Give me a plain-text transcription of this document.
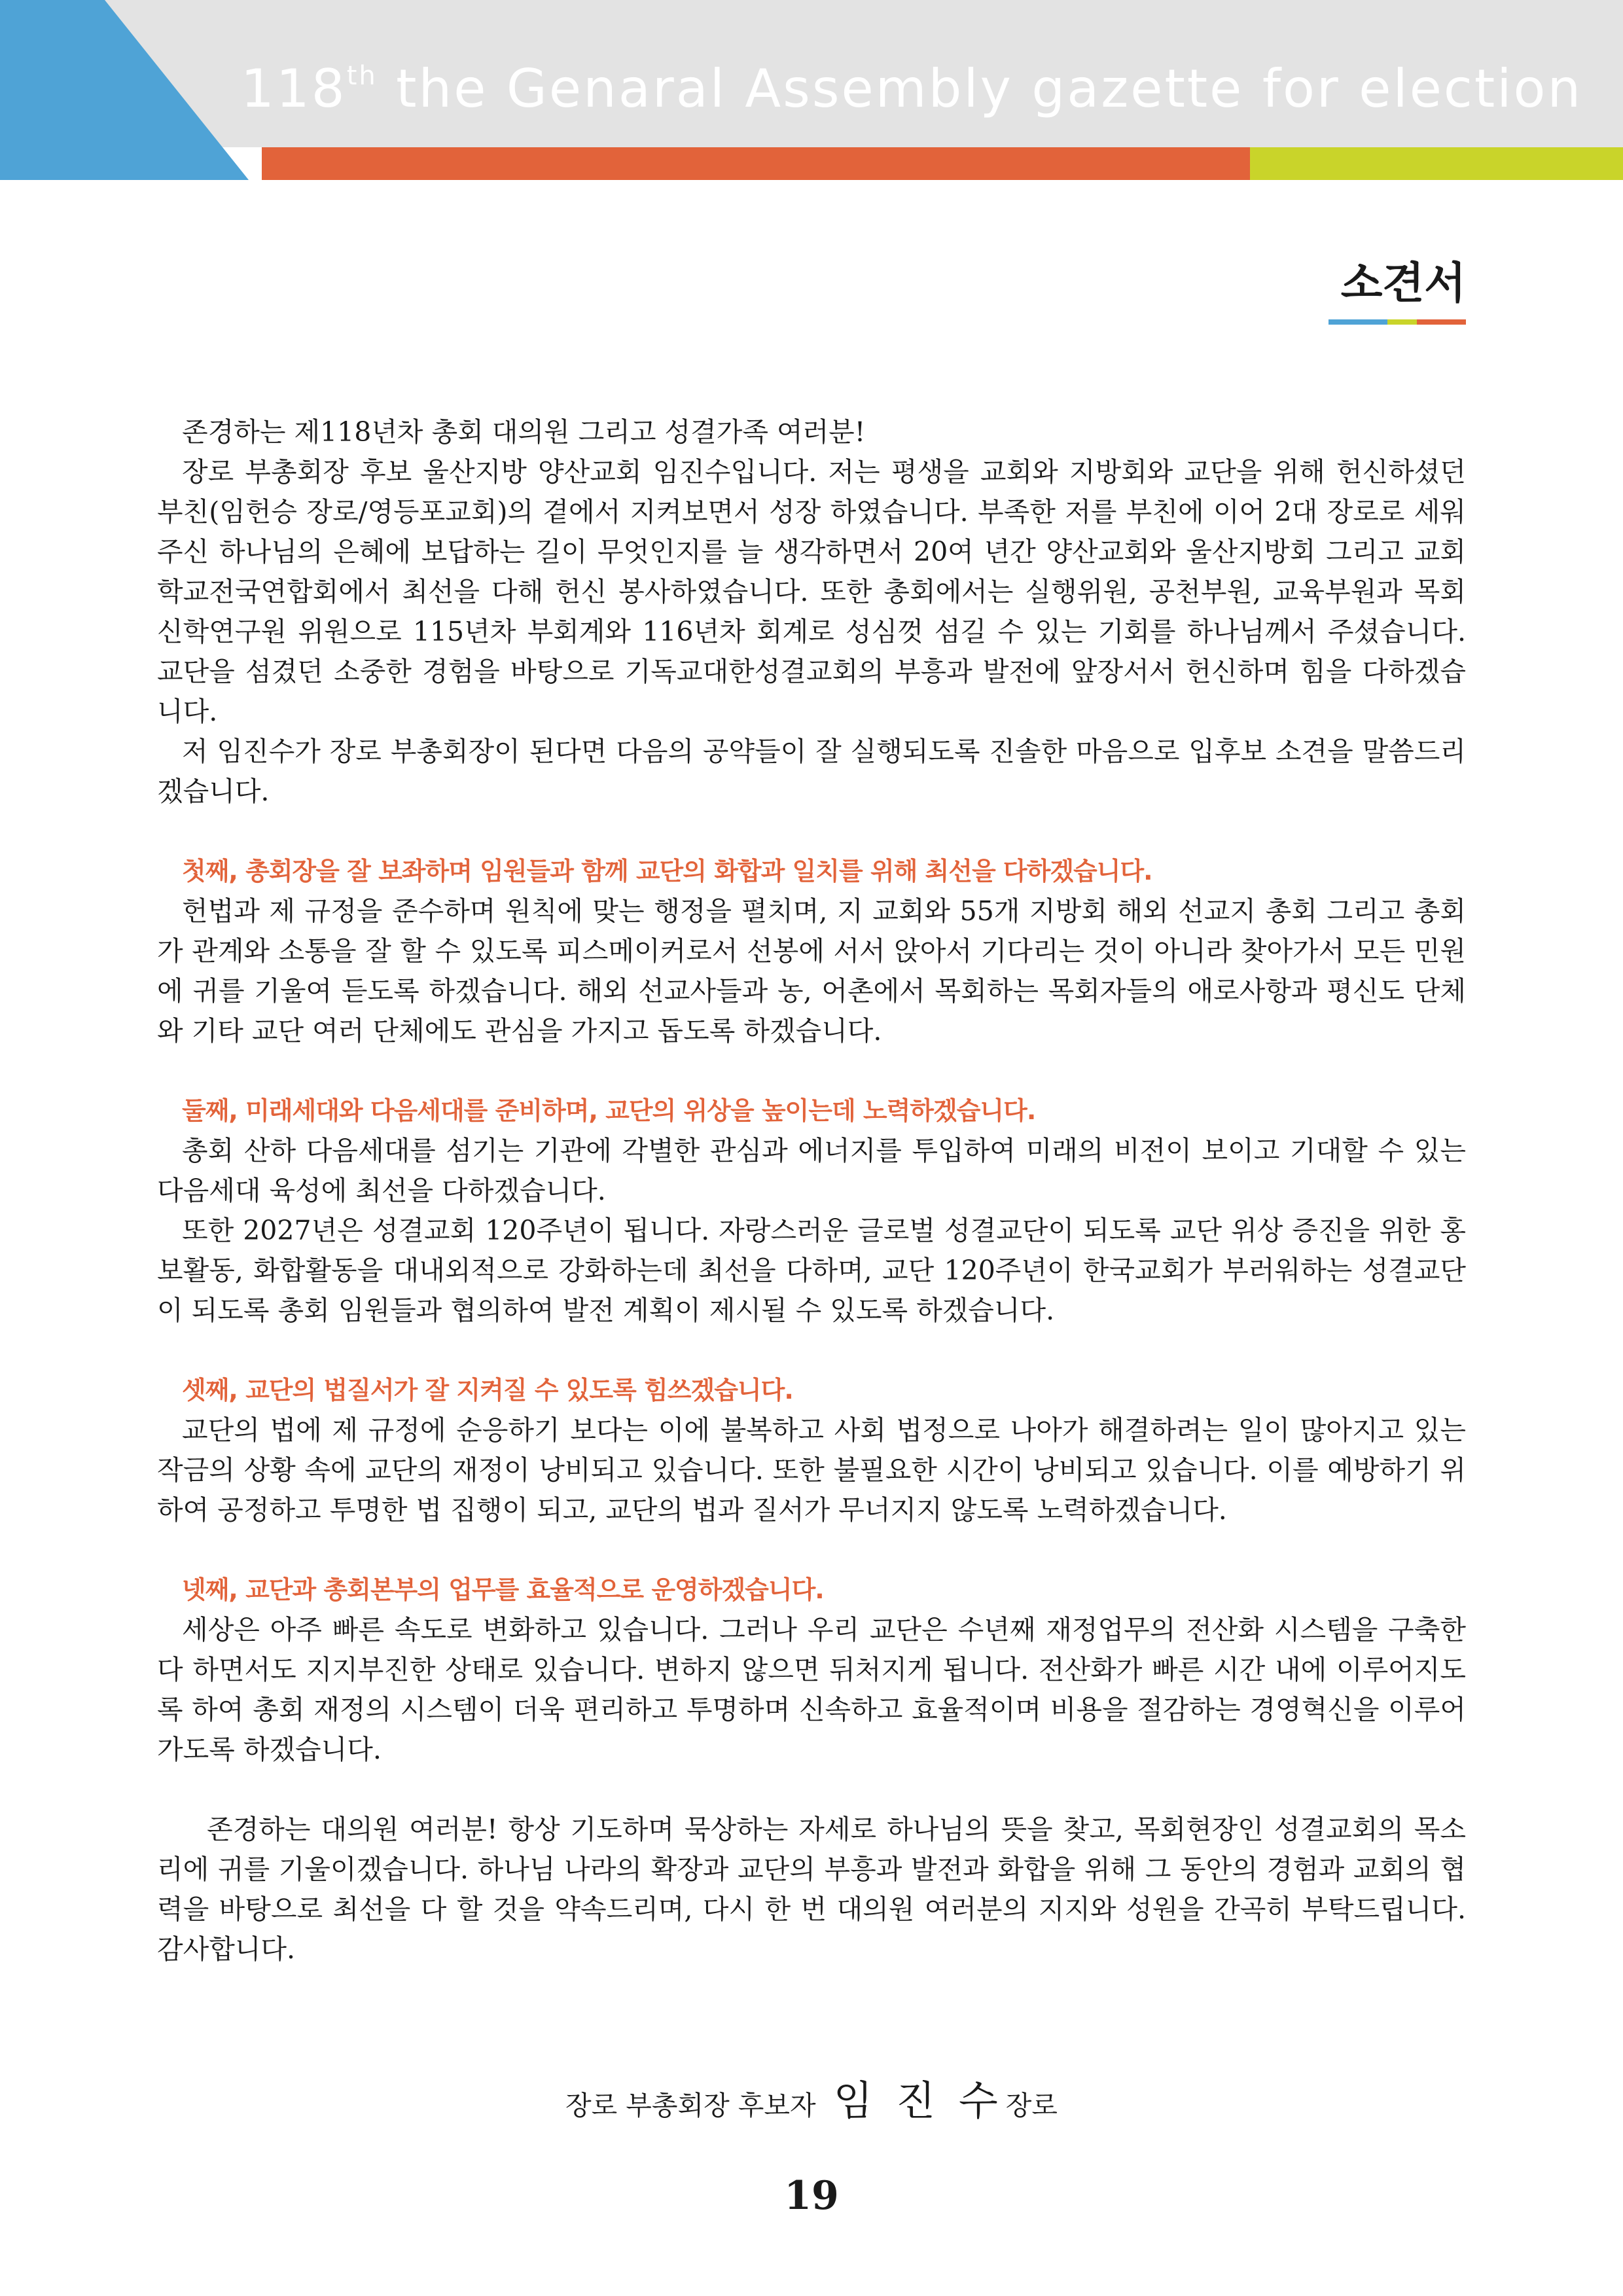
118th the Genaral Assembly gazette for election
소견서

존경하는 제118년차 총회 대의원 그리고 성결가족 여러분!

장로 부총회장 후보 울산지방 양산교회 임진수입니다. 저는 평생을 교회와 지방회와 교단을 위해 헌신하셨던 부친(임헌승 장로/영등포교회)의 곁에서 지켜보면서 성장 하였습니다. 부족한 저를 부친에 이어 2대 장로로 세워 주신 하나님의 은혜에 보답하는 길이 무엇인지를 늘 생각하면서 20여 년간 양산교회와 울산지방회 그리고 교회학교전국연합회에서 최선을 다해 헌신 봉사하였습니다. 또한 총회에서는 실행위원, 공천부원, 교육부원과 목회 신학연구원 위원으로 115년차 부회계와 116년차 회계로 성심껏 섬길 수 있는 기회를 하나님께서 주셨습니다. 교단을 섬겼던 소중한 경험을 바탕으로 기독교대한성결교회의 부흥과 발전에 앞장서서 헌신하며 힘을 다하겠습니다.

저 임진수가 장로 부총회장이 된다면 다음의 공약들이 잘 실행되도록 진솔한 마음으로 입후보 소견을 말씀드리겠습니다.

첫째, 총회장을 잘 보좌하며 임원들과 함께 교단의 화합과 일치를 위해 최선을 다하겠습니다.

헌법과 제 규정을 준수하며 원칙에 맞는 행정을 펼치며, 지 교회와 55개 지방회 해외 선교지 총회 그리고 총회가 관계와 소통을 잘 할 수 있도록 피스메이커로서 선봉에 서서 앉아서 기다리는 것이 아니라 찾아가서 모든 민원에 귀를 기울여 듣도록 하겠습니다. 해외 선교사들과 농, 어촌에서 목회하는 목회자들의 애로사항과 평신도 단체와 기타 교단 여러 단체에도 관심을 가지고 돕도록 하겠습니다.

둘째, 미래세대와 다음세대를 준비하며, 교단의 위상을 높이는데 노력하겠습니다.

총회 산하 다음세대를 섬기는 기관에 각별한 관심과 에너지를 투입하여 미래의 비전이 보이고 기대할 수 있는 다음세대 육성에 최선을 다하겠습니다.

또한 2027년은 성결교회 120주년이 됩니다. 자랑스러운 글로벌 성결교단이 되도록 교단 위상 증진을 위한 홍보활동, 화합활동을 대내외적으로 강화하는데 최선을 다하며, 교단 120주년이 한국교회가 부러워하는 성결교단이 되도록 총회 임원들과 협의하여 발전 계획이 제시될 수 있도록 하겠습니다.

셋째, 교단의 법질서가 잘 지켜질 수 있도록 힘쓰겠습니다.

교단의 법에 제 규정에 순응하기 보다는 이에 불복하고 사회 법정으로 나아가 해결하려는 일이 많아지고 있는 작금의 상황 속에 교단의 재정이 낭비되고 있습니다. 또한 불필요한 시간이 낭비되고 있습니다. 이를 예방하기 위하여 공정하고 투명한 법 집행이 되고, 교단의 법과 질서가 무너지지 않도록 노력하겠습니다.

넷째, 교단과 총회본부의 업무를 효율적으로 운영하겠습니다.

세상은 아주 빠른 속도로 변화하고 있습니다. 그러나 우리 교단은 수년째 재정업무의 전산화 시스템을 구축한다 하면서도 지지부진한 상태로 있습니다. 변하지 않으면 뒤처지게 됩니다. 전산화가 빠른 시간 내에 이루어지도록 하여 총회 재정의 시스템이 더욱 편리하고 투명하며 신속하고 효율적이며 비용을 절감하는 경영혁신을 이루어 가도록 하겠습니다.

존경하는 대의원 여러분! 항상 기도하며 묵상하는 자세로 하나님의 뜻을 찾고, 목회현장인 성결교회의 목소리에 귀를 기울이겠습니다. 하나님 나라의 확장과 교단의 부흥과 발전과 화합을 위해 그 동안의 경험과 교회의 협력을 바탕으로 최선을 다 할 것을 약속드리며, 다시 한 번 대의원 여러분의 지지와 성원을 간곡히 부탁드립니다. 감사합니다.

장로 부총회장 후보자 임 진 수장로
19
